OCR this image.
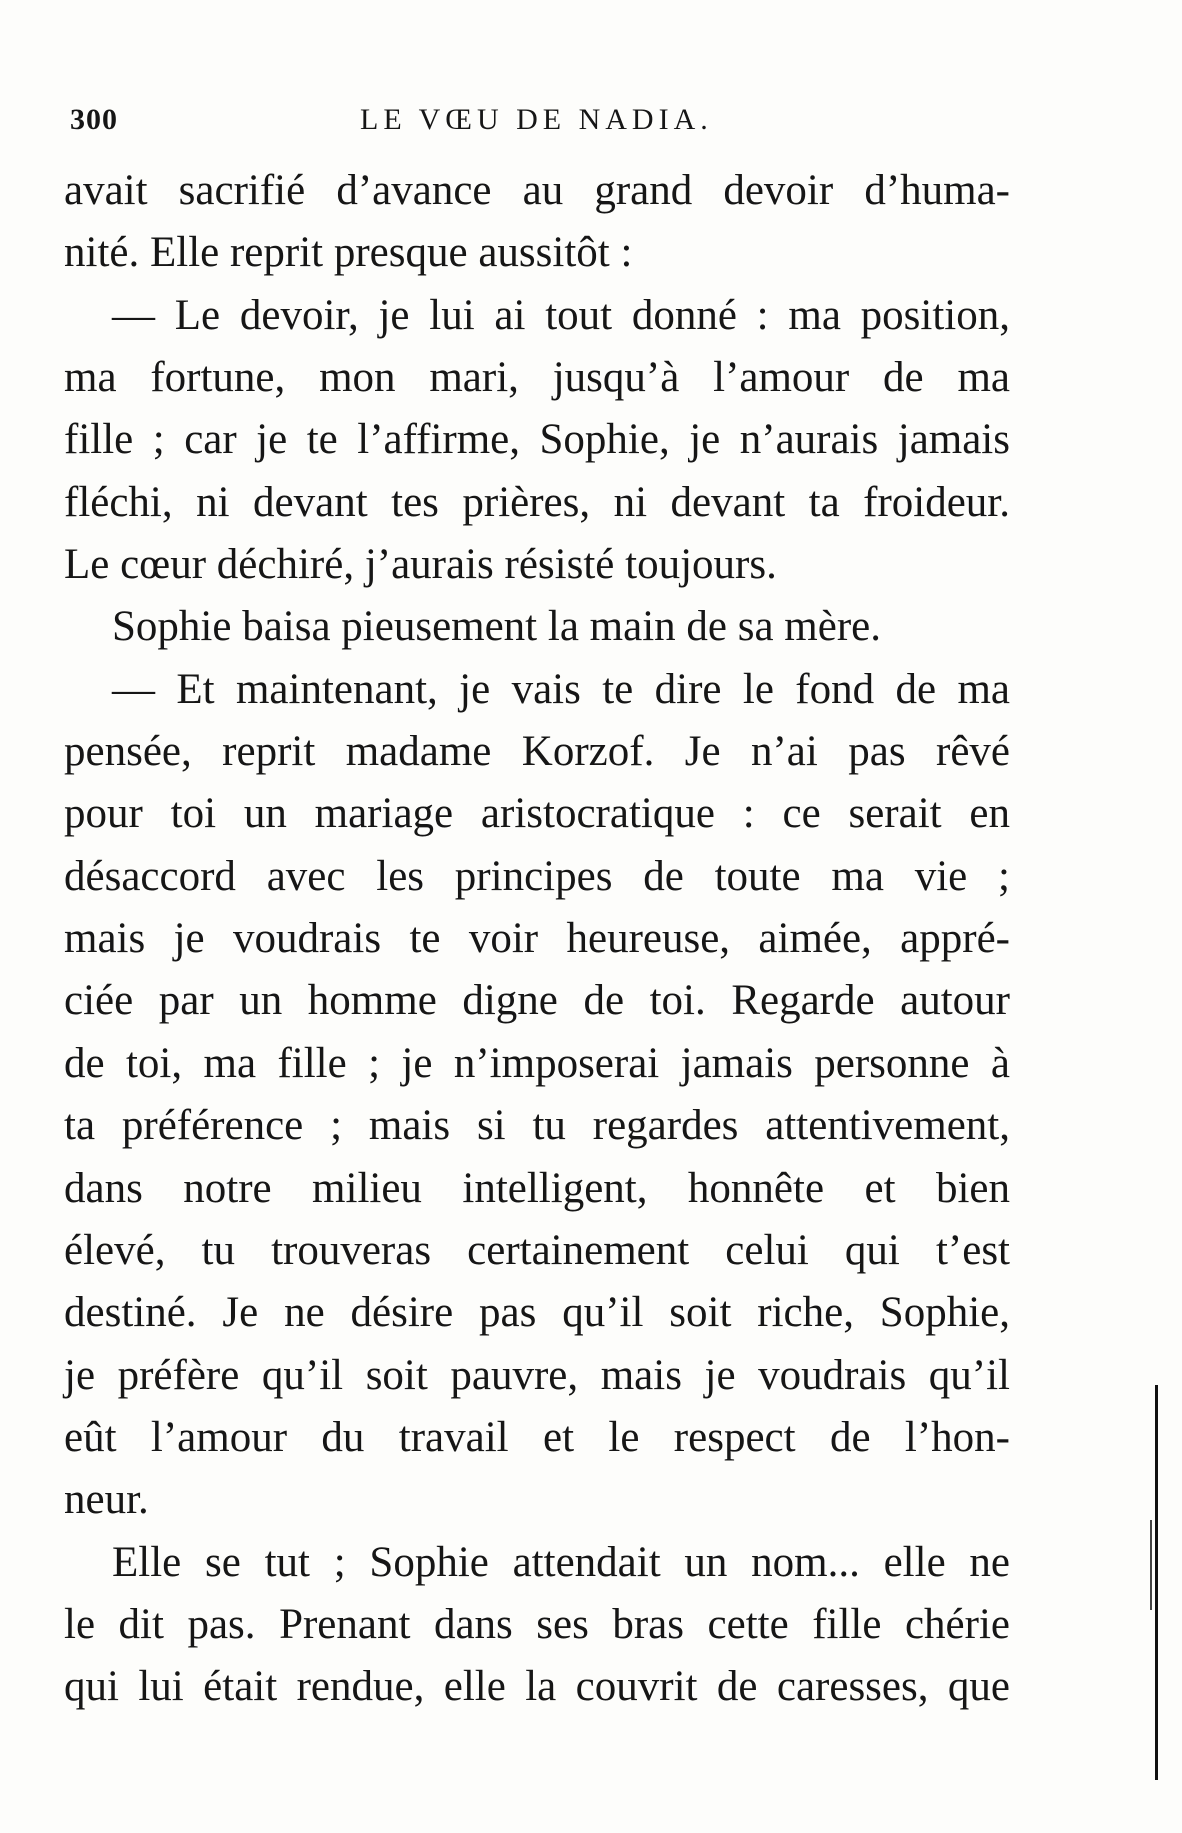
300	LE VŒU DE NADIA.
avait sacrifié d’avance au grand devoir d’huma-
nité. Elle reprit presque aussitôt :
— Le devoir, je lui ai tout donné : ma position,
ma fortune, mon mari, jusqu’à l’amour de ma
fille ; car je te l’affirme, Sophie, je n’aurais jamais
fléchi, ni devant tes prières, ni devant ta froideur.
Le cœur déchiré, j’aurais résisté toujours.
Sophie baisa pieusement la main de sa mère.
— Et maintenant, je vais te dire le fond de ma
pensée, reprit madame Korzof. Je n’ai pas rêvé
pour toi un mariage aristocratique : ce serait en
désaccord avec les principes de toute ma vie ;
mais je voudrais te voir heureuse, aimée, appré-
ciée par un homme digne de toi. Regarde autour
de toi, ma fille ; je n’imposerai jamais personne à
ta préférence ; mais si tu regardes attentivement,
dans notre milieu intelligent, honnête et bien
élevé, tu trouveras certainement celui qui t’est
destiné. Je ne désire pas qu’il soit riche, Sophie,
je préfère qu’il soit pauvre, mais je voudrais qu’il
eût l’amour du travail et le respect de l’hon-
neur.
Elle se tut ; Sophie attendait un nom... elle ne
le dit pas. Prenant dans ses bras cette fille chérie
qui lui était rendue, elle la couvrit de caresses, que
